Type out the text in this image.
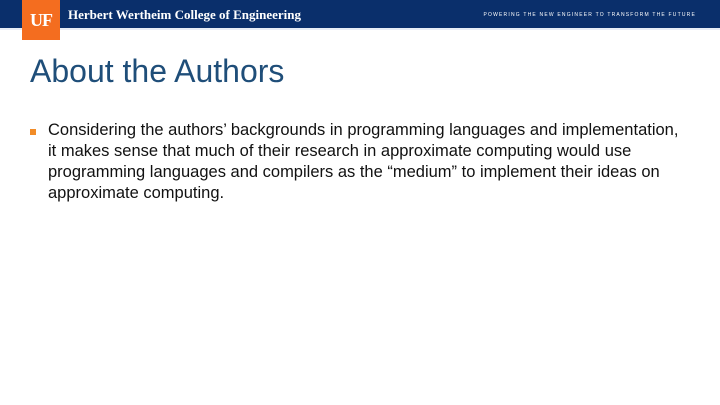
UF Herbert Wertheim College of Engineering	POWERING THE NEW ENGINEER TO TRANSFORM THE FUTURE
About the Authors
Considering the authors’ backgrounds in programming languages and implementation, it makes sense that much of their research in approximate computing would use programming languages and compilers as the “medium” to implement their ideas on approximate computing.
